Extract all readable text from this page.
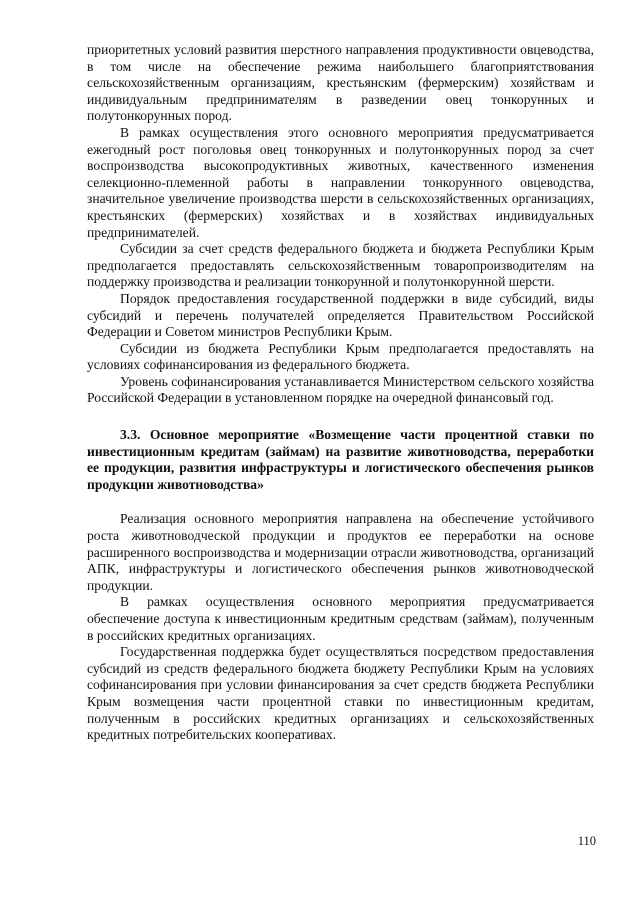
приоритетных условий развития шерстного направления продуктивности овцеводства, в том числе на обеспечение режима наибольшего благоприятствования сельскохозяйственным организациям, крестьянским (фермерским) хозяйствам и индивидуальным предпринимателям в разведении овец тонкорунных и полутонкорунных пород.

В рамках осуществления этого основного мероприятия предусматривается ежегодный рост поголовья овец тонкорунных и полутонкорунных пород за счет воспроизводства высокопродуктивных животных, качественного изменения селекционно-племенной работы в направлении тонкорунного овцеводства, значительное увеличение производства шерсти в сельскохозяйственных организациях, крестьянских (фермерских) хозяйствах и в хозяйствах индивидуальных предпринимателей.

Субсидии за счет средств федерального бюджета и бюджета Республики Крым предполагается предоставлять сельскохозяйственным товаропроизводителям на поддержку производства и реализации тонкорунной и полутонкорунной шерсти.

Порядок предоставления государственной поддержки в виде субсидий, виды субсидий и перечень получателей определяется Правительством Российской Федерации и Советом министров Республики Крым.

Субсидии из бюджета Республики Крым предполагается предоставлять на условиях софинансирования из федерального бюджета.

Уровень софинансирования устанавливается Министерством сельского хозяйства Российской Федерации в установленном порядке на очередной финансовый год.

3.3. Основное мероприятие «Возмещение части процентной ставки по инвестиционным кредитам (займам) на развитие животноводства, переработки ее продукции, развития инфраструктуры и логистического обеспечения рынков продукции животноводства»

Реализация основного мероприятия направлена на обеспечение устойчивого роста животноводческой продукции и продуктов ее переработки на основе расширенного воспроизводства и модернизации отрасли животноводства, организаций АПК, инфраструктуры и логистического обеспечения рынков животноводческой продукции.

В рамках осуществления основного мероприятия предусматривается обеспечение доступа к инвестиционным кредитным средствам (займам), полученным в российских кредитных организациях.

Государственная поддержка будет осуществляться посредством предоставления субсидий из средств федерального бюджета бюджету Республики Крым на условиях софинансирования при условии финансирования за счет средств бюджета Республики Крым возмещения части процентной ставки по инвестиционным кредитам, полученным в российских кредитных организациях и сельскохозяйственных кредитных потребительских кооперативах.

110
